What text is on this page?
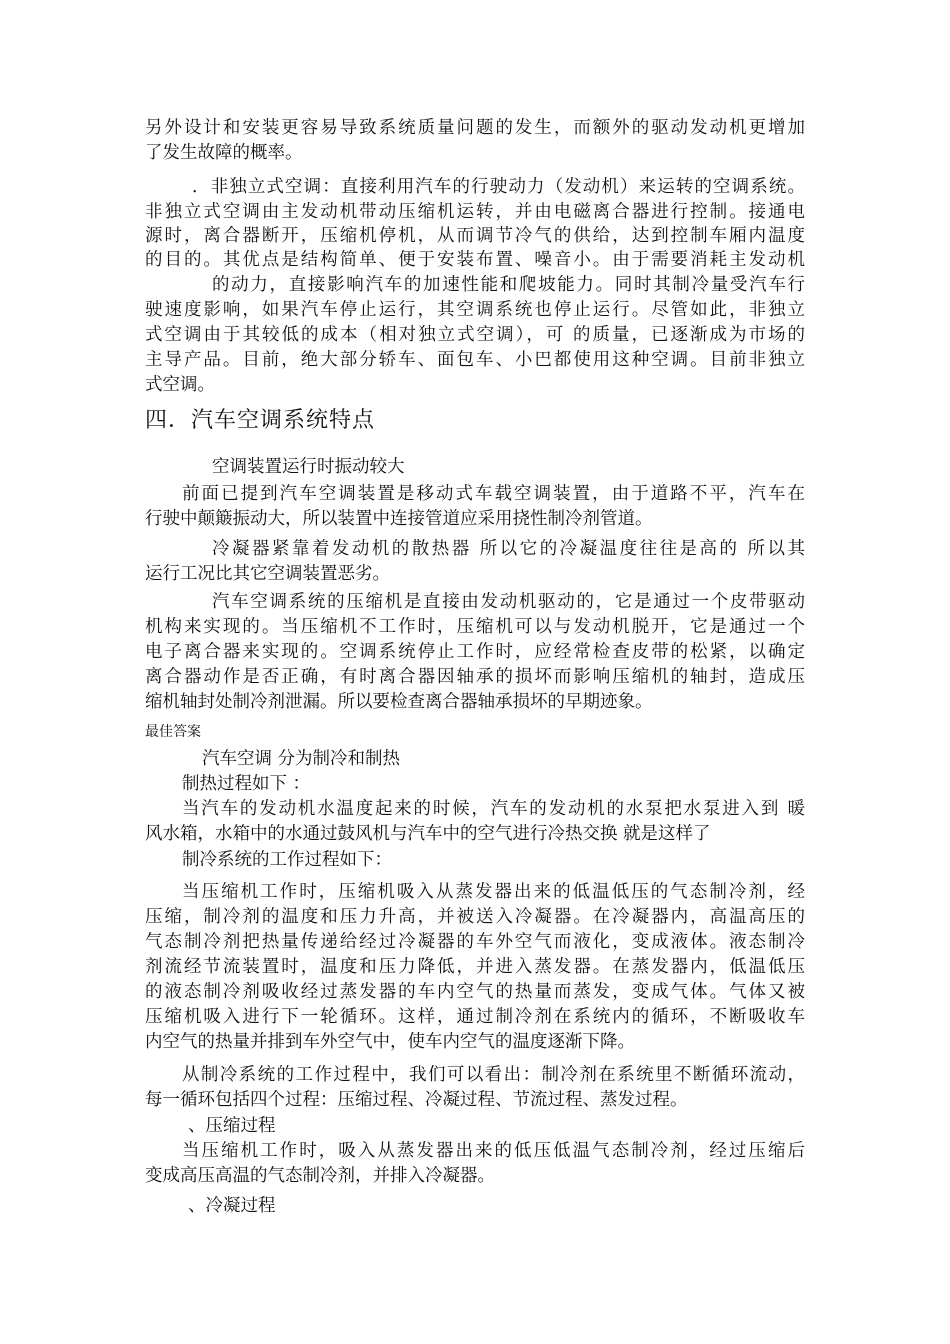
另外设计和安装更容易导致系统质量问题的发生，而额外的驱动发动机更增加
了发生故障的概率。
．非独立式空调：直接利用汽车的行驶动力（发动机）来运转的空调系统。
非独立式空调由主发动机带动压缩机运转，并由电磁离合器进行控制。接通电
源时，离合器断开，压缩机停机，从而调节冷气的供给，达到控制车厢内温度
的目的。其优点是结构简单、便于安装布置、噪音小。由于需要消耗主发动机
的动力，直接影响汽车的加速性能和爬坡能力。同时其制冷量受汽车行
驶速度影响，如果汽车停止运行，其空调系统也停止运行。尽管如此，非独立
式空调由于其较低的成本（相对独立式空调），可 的质量，已逐渐成为市场的
主导产品。目前，绝大部分轿车、面包车、小巴都使用这种空调。目前非独立
式空调。
四．汽车空调系统特点
空调装置运行时振动较大
前面已提到汽车空调装置是移动式车载空调装置，由于道路不平，汽车在
行驶中颠簸振动大，所以装置中连接管道应采用挠性制冷剂管道。
冷凝器紧靠着发动机的散热器 所以它的冷凝温度往往是高的 所以其
运行工况比其它空调装置恶劣。
汽车空调系统的压缩机是直接由发动机驱动的，它是通过一个皮带驱动
机构来实现的。当压缩机不工作时，压缩机可以与发动机脱开，它是通过一个
电子离合器来实现的。空调系统停止工作时，应经常检查皮带的松紧，以确定
离合器动作是否正确，有时离合器因轴承的损坏而影响压缩机的轴封，造成压
缩机轴封处制冷剂泄漏。所以要检查离合器轴承损坏的早期迹象。
最佳答案
汽车空调 分为制冷和制热
制热过程如下 ：
当汽车的发动机水温度起来的时候，汽车的发动机的水泵把水泵进入到 暖
风水箱，水箱中的水通过鼓风机与汽车中的空气进行冷热交换 就是这样了
制冷系统的工作过程如下：
当压缩机工作时，压缩机吸入从蒸发器出来的低温低压的气态制冷剂，经
压缩，制冷剂的温度和压力升高，并被送入冷凝器。在冷凝器内，高温高压的
气态制冷剂把热量传递给经过冷凝器的车外空气而液化，变成液体。液态制冷
剂流经节流装置时，温度和压力降低，并进入蒸发器。在蒸发器内，低温低压
的液态制冷剂吸收经过蒸发器的车内空气的热量而蒸发，变成气体。气体又被
压缩机吸入进行下一轮循环。这样，通过制冷剂在系统内的循环，不断吸收车
内空气的热量并排到车外空气中，使车内空气的温度逐渐下降。
从制冷系统的工作过程中，我们可以看出：制冷剂在系统里不断循环流动，
每一循环包括四个过程：压缩过程、冷凝过程、节流过程、蒸发过程。
、压缩过程
当压缩机工作时，吸入从蒸发器出来的低压低温气态制冷剂，经过压缩后
变成高压高温的气态制冷剂，并排入冷凝器。
、冷凝过程
